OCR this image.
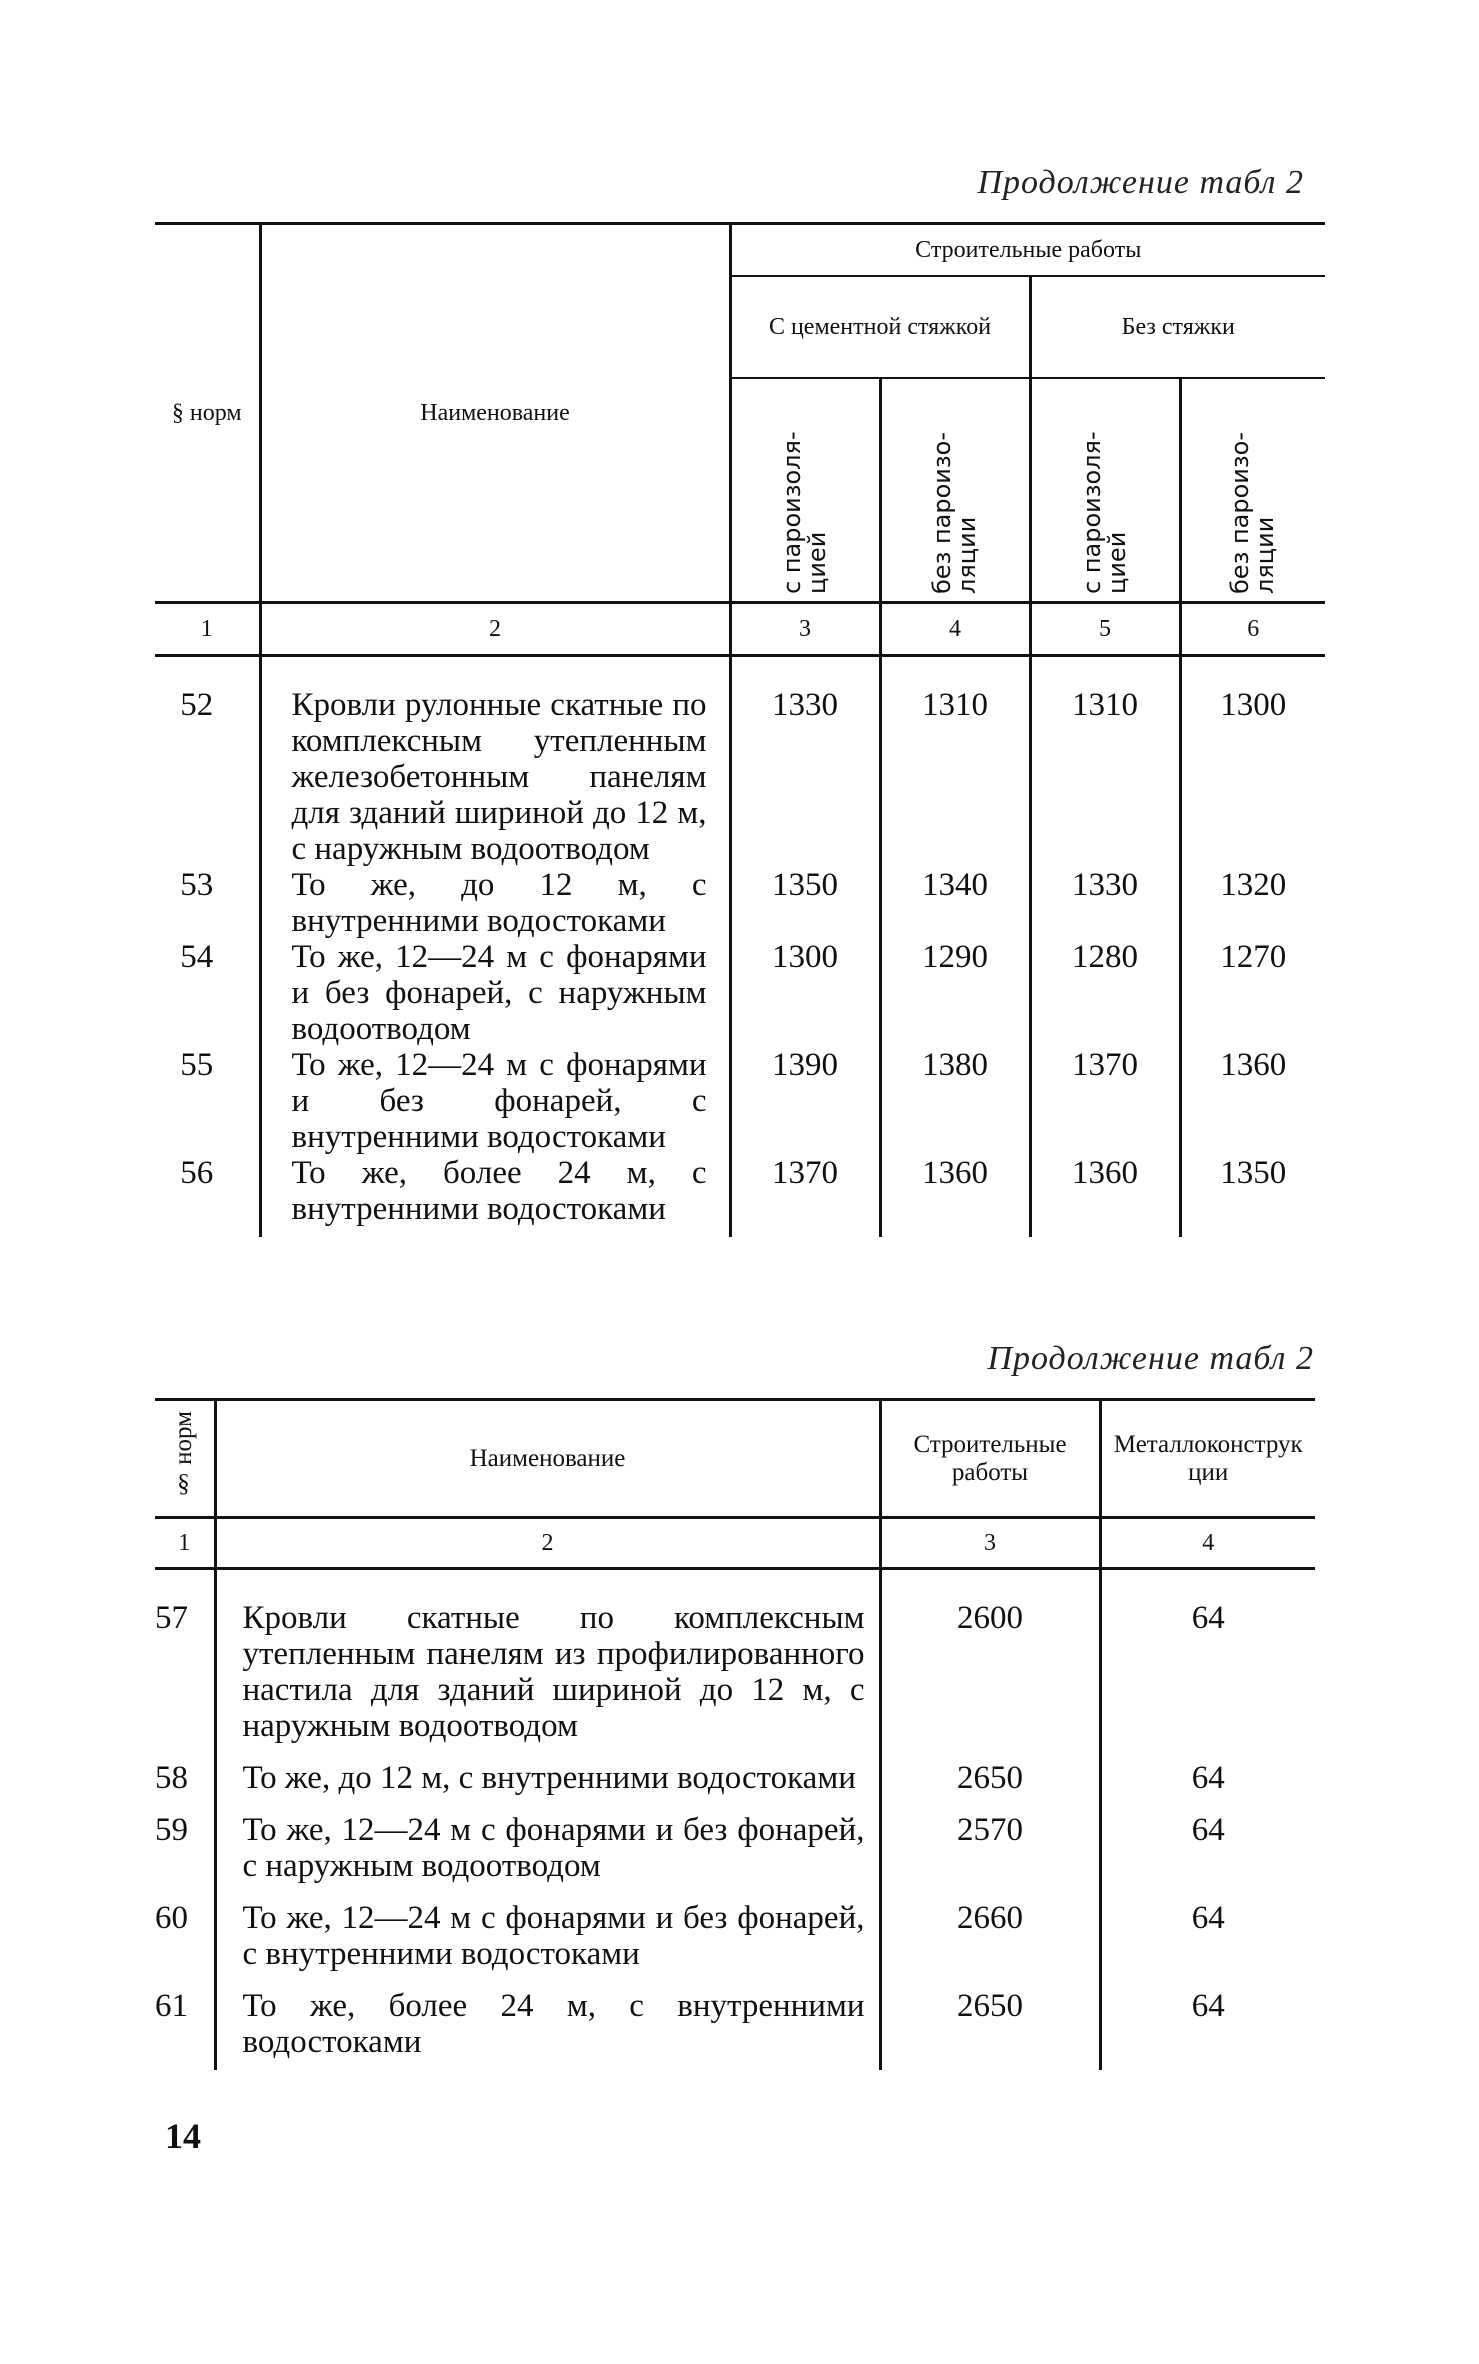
Продолжение табл 2
§ норм	Наименование	Строительные работы			
		С цементной стяжкой		Без стяжки	
		с пароизоля-цией	без пароизо-ляции	с пароизоля-цией	без пароизо-ляции
1	2	3	4	5	6
52	Кровли рулонные скатные по комплексным утепленным железобетонным панелям для зданий шириной до 12 м, с наружным водоотводом	1330	1310	1310	1300
53	То же, до 12 м, с внутренними водостоками	1350	1340	1330	1320
54	То же, 12—24 м с фонарями и без фонарей, с наружным водоотводом	1300	1290	1280	1270
55	То же, 12—24 м с фонарями и без фонарей, с внутренними водостоками	1390	1380	1370	1360
56	То же, более 24 м, с внутренними водостоками	1370	1360	1360	1350
Продолжение табл 2
§ норм	Наименование	Строительные работы	Металлоконструкции
1	2	3	4
57	Кровли скатные по комплексным утепленным панелям из профилированного настила для зданий шириной до 12 м, с наружным водоотводом	2600	64
58	То же, до 12 м, с внутренними водостоками	2650	64
59	То же, 12—24 м с фонарями и без фонарей, с наружным водоотводом	2570	64
60	То же, 12—24 м с фонарями и без фонарей, с внутренними водостоками	2660	64
61	То же, более 24 м, с внутренними водостоками	2650	64
14
